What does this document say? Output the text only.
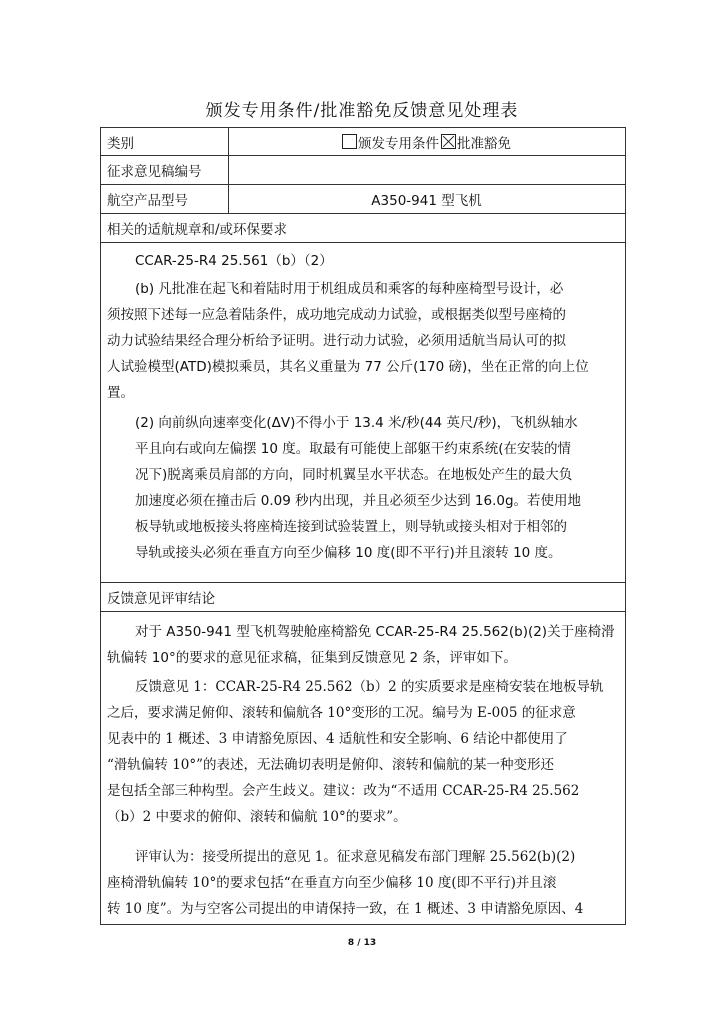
颁发专用条件/批准豁免反馈意见处理表
类别	颁发专用条件 批准豁免
征求意见稿编号
航空产品型号	A350-941 型飞机
相关的适航规章和/或环保要求
CCAR-25-R4 25.561（b）（2）
(b) 凡批准在起飞和着陆时用于机组成员和乘客的每种座椅型号设计，必
须按照下述每一应急着陆条件，成功地完成动力试验，或根据类似型号座椅的
动力试验结果经合理分析给予证明。进行动力试验，必须用适航当局认可的拟
人试验模型(ATD)模拟乘员，其名义重量为 77 公斤(170 磅)，坐在正常的向上位
置。
(2) 向前纵向速率变化(ΔV)不得小于 13.4 米/秒(44 英尺/秒)，飞机纵轴水
平且向右或向左偏摆 10 度。取最有可能使上部躯干约束系统(在安装的情
况下)脱离乘员肩部的方向，同时机翼呈水平状态。在地板处产生的最大负
加速度必须在撞击后 0.09 秒内出现，并且必须至少达到 16.0g。若使用地
板导轨或地板接头将座椅连接到试验装置上，则导轨或接头相对于相邻的
导轨或接头必须在垂直方向至少偏移 10 度(即不平行)并且滚转 10 度。
反馈意见评审结论
对于 A350-941 型飞机驾驶舱座椅豁免 CCAR-25-R4 25.562(b)(2)关于座椅滑
轨偏转 10°的要求的意见征求稿，征集到反馈意见 2 条，评审如下。
反馈意见 1：CCAR-25-R4 25.562（b）2 的实质要求是座椅安装在地板导轨
之后，要求满足俯仰、滚转和偏航各 10°变形的工况。编号为 E-005 的征求意
见表中的 1 概述、3 申请豁免原因、4 适航性和安全影响、6 结论中都使用了
“滑轨偏转 10°”的表述，无法确切表明是俯仰、滚转和偏航的某一种变形还
是包括全部三种构型。会产生歧义。建议：改为“不适用 CCAR-25-R4 25.562
（b）2 中要求的俯仰、滚转和偏航 10°的要求”。
评审认为：接受所提出的意见 1。征求意见稿发布部门理解 25.562(b)(2)
座椅滑轨偏转 10°的要求包括“在垂直方向至少偏移 10 度(即不平行)并且滚
转 10 度”。为与空客公司提出的申请保持一致，在 1 概述、3 申请豁免原因、4
8 / 13
